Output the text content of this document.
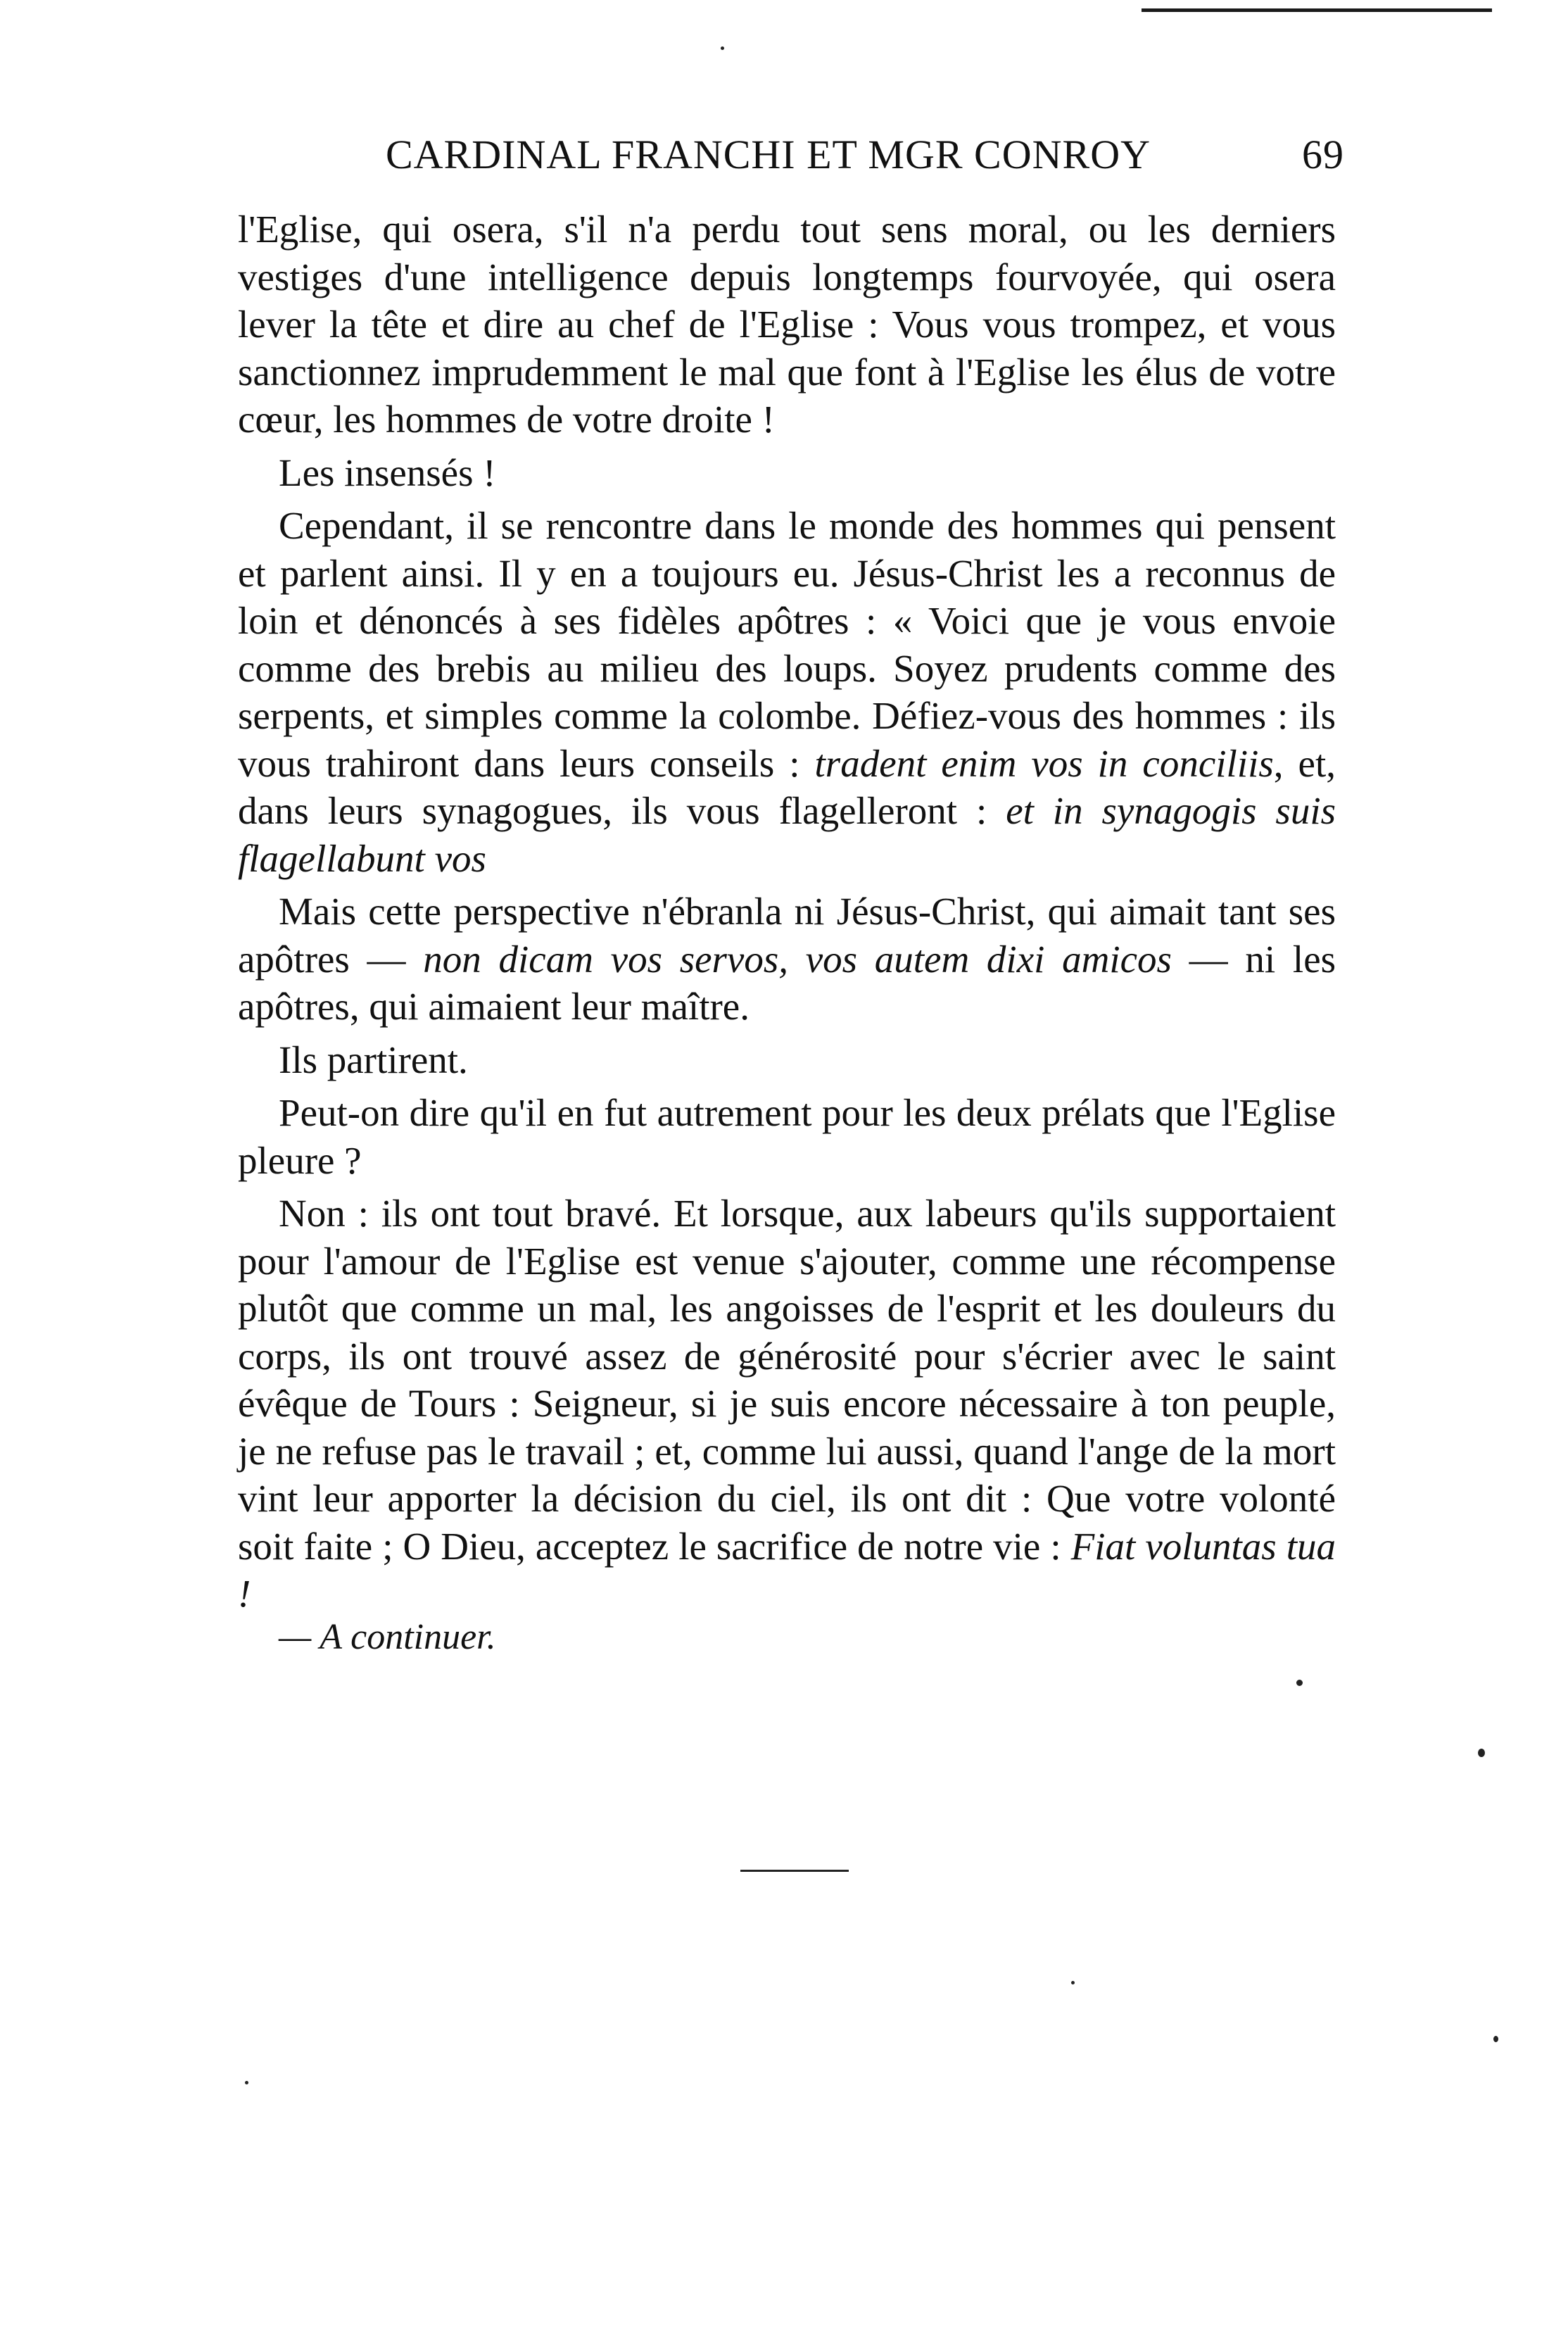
CARDINAL FRANCHI ET MGR CONROY	69

l'Eglise, qui osera, s'il n'a perdu tout sens moral, ou les derniers vestiges d'une intelligence depuis longtemps fourvoyée, qui osera lever la tête et dire au chef de l'Eglise : Vous vous trompez, et vous sanctionnez imprudemment le mal que font à l'Eglise les élus de votre cœur, les hommes de votre droite !

Les insensés !

Cependant, il se rencontre dans le monde des hommes qui pensent et parlent ainsi. Il y en a toujours eu. Jésus-Christ les a reconnus de loin et dénoncés à ses fidèles apôtres : « Voici que je vous envoie comme des brebis au milieu des loups. Soyez prudents comme des serpents, et simples comme la colombe. Défiez-vous des hommes : ils vous trahiront dans leurs conseils : tradent enim vos in conciliis, et, dans leurs synagogues, ils vous flagelleront : et in synagogis suis flagellabunt vos

Mais cette perspective n'ébranla ni Jésus-Christ, qui aimait tant ses apôtres — non dicam vos servos, vos autem dixi amicos — ni les apôtres, qui aimaient leur maître.

Ils partirent.

Peut-on dire qu'il en fut autrement pour les deux prélats que l'Eglise pleure ?

Non : ils ont tout bravé. Et lorsque, aux labeurs qu'ils supportaient pour l'amour de l'Eglise est venue s'ajouter, comme une récompense plutôt que comme un mal, les angoisses de l'esprit et les douleurs du corps, ils ont trouvé assez de générosité pour s'écrier avec le saint évêque de Tours : Seigneur, si je suis encore nécessaire à ton peuple, je ne refuse pas le travail ; et, comme lui aussi, quand l'ange de la mort vint leur apporter la décision du ciel, ils ont dit : Que votre volonté soit faite ; O Dieu, acceptez le sacrifice de notre vie : Fiat voluntas tua !

— A continuer.
